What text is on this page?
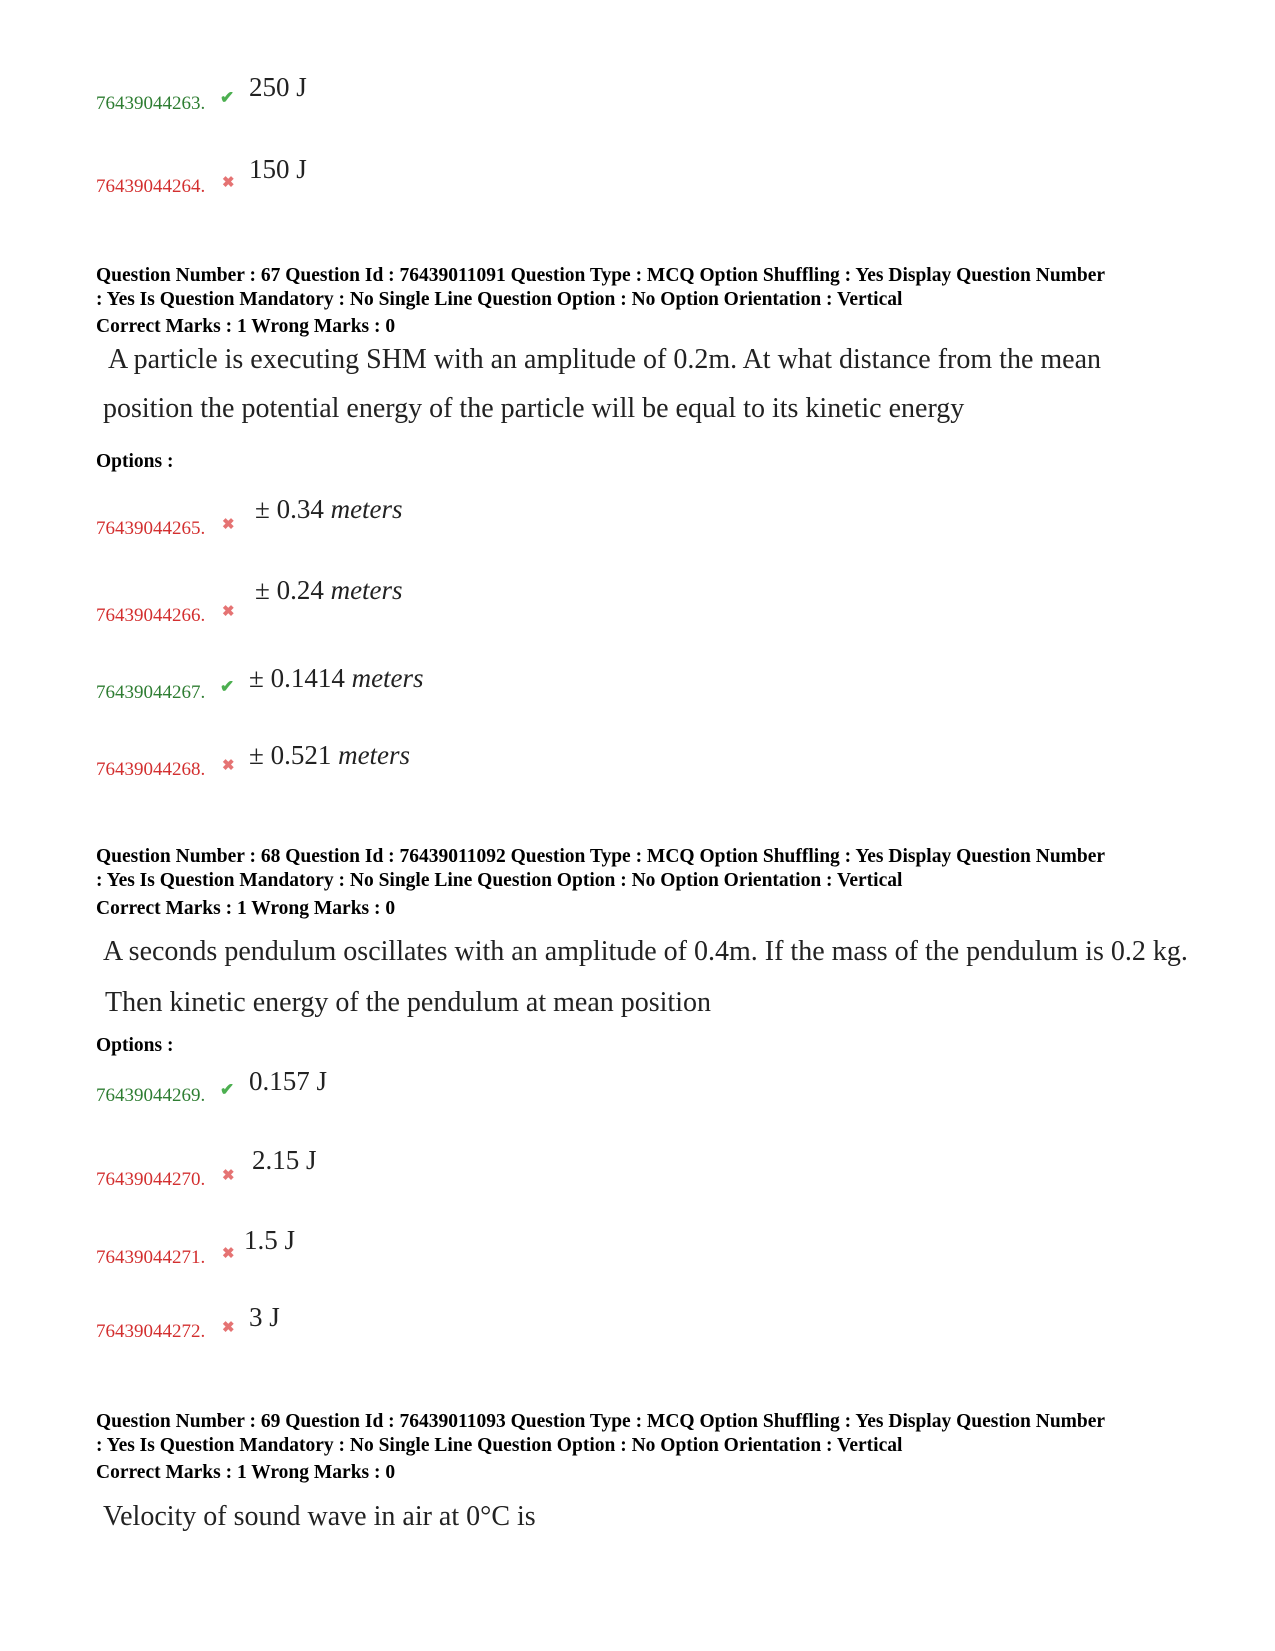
76439044263. ✔ 250 J
76439044264. ✖ 150 J
Question Number : 67 Question Id : 76439011091 Question Type : MCQ Option Shuffling : Yes Display Question Number
: Yes Is Question Mandatory : No Single Line Question Option : No Option Orientation : Vertical
Correct Marks : 1 Wrong Marks : 0
A particle is executing SHM with an amplitude of 0.2m. At what distance from the mean
position the potential energy of the particle will be equal to its kinetic energy
Options :
76439044265. ✖
± 0.34 meters
76439044266. ✖
± 0.24 meters
76439044267. ✔ ± 0.1414 meters
76439044268. ✖ ± 0.521 meters
Question Number : 68 Question Id : 76439011092 Question Type : MCQ Option Shuffling : Yes Display Question Number
: Yes Is Question Mandatory : No Single Line Question Option : No Option Orientation : Vertical
Correct Marks : 1 Wrong Marks : 0
A seconds pendulum oscillates with an amplitude of 0.4m. If the mass of the pendulum is 0.2 kg.
Then kinetic energy of the pendulum at mean position
Options :
76439044269. ✔ 0.157 J
76439044270. ✖
2.15 J
76439044271. ✖ 1.5 J
76439044272. ✖ 3 J
Question Number : 69 Question Id : 76439011093 Question Type : MCQ Option Shuffling : Yes Display Question Number
: Yes Is Question Mandatory : No Single Line Question Option : No Option Orientation : Vertical
Correct Marks : 1 Wrong Marks : 0
Velocity of sound wave in air at 0°C is
